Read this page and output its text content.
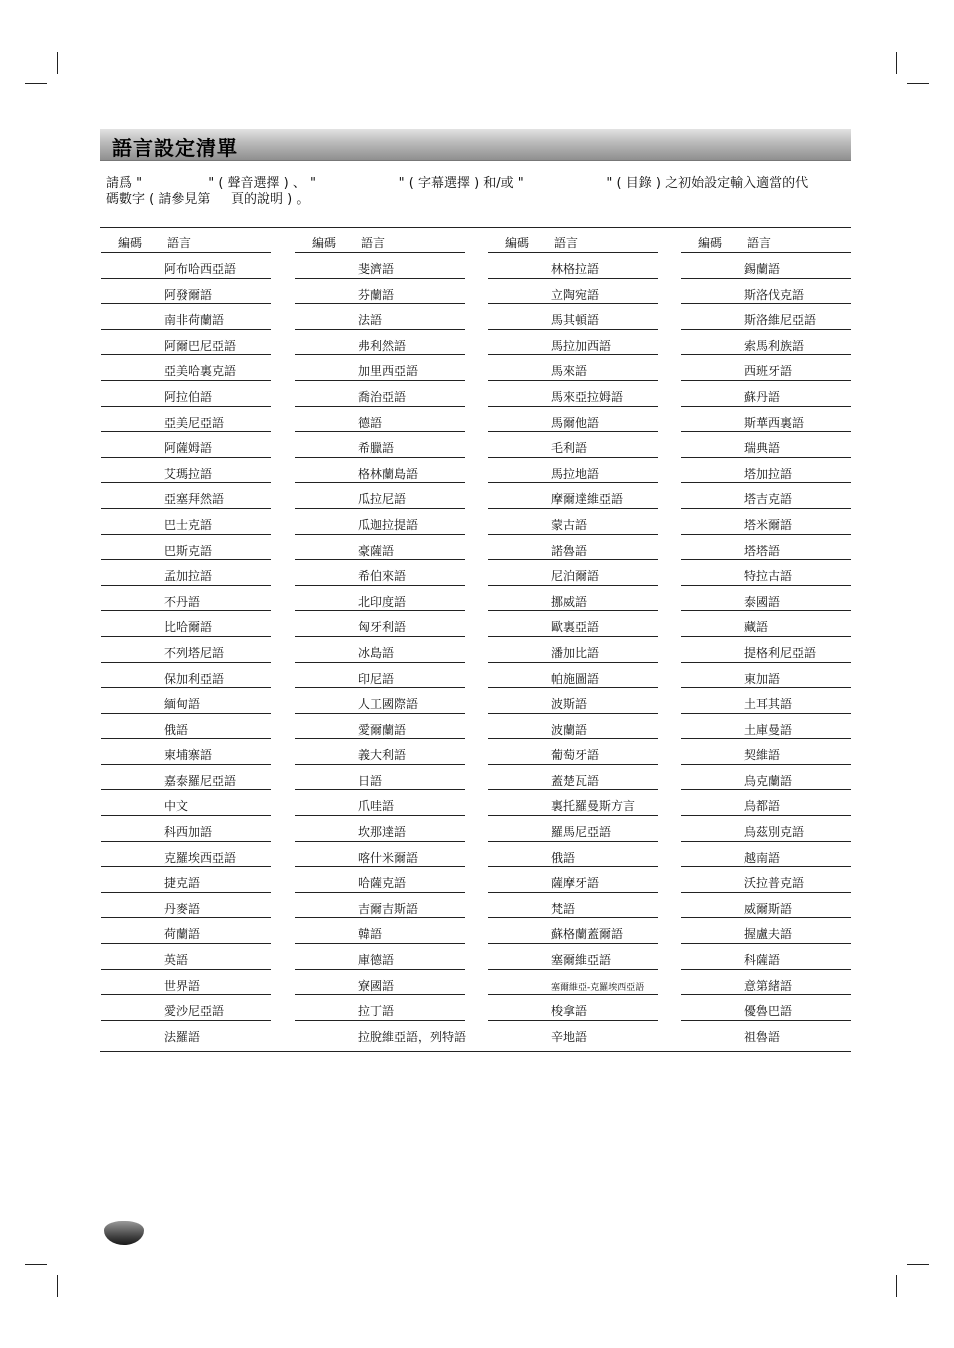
語言設定清單
請爲 "                " ( 聲音選擇 ) 、 "                    " ( 字幕選擇 ) 和/或 "                    " ( 目錄 ) 之初始設定輸入適當的代
碼數字 ( 請參見第     頁的說明 ) 。
編碼 語言
阿布哈西亞語
阿發爾語
南非荷蘭語
阿爾巴尼亞語
亞美哈裏克語
阿拉伯語
亞美尼亞語
阿薩姆語
艾瑪拉語
亞塞拜然語
巴士克語
巴斯克語
孟加拉語
不丹語
比哈爾語
不列塔尼語
保加利亞語
緬甸語
俄語
柬埔寨語
嘉泰羅尼亞語
中文
科西加語
克羅埃西亞語
捷克語
丹麥語
荷蘭語
英語
世界語
愛沙尼亞語
法羅語
編碼 語言
斐濟語
芬蘭語
法語
弗利然語
加里西亞語
喬治亞語
德語
希臘語
格林蘭島語
瓜拉尼語
瓜迦拉提語
豪薩語
希伯來語
北印度語
匈牙利語
冰島語
印尼語
人工國際語
愛爾蘭語
義大利語
日語
爪哇語
坎那達語
喀什米爾語
哈薩克語
吉爾吉斯語
韓語
庫德語
寮國語
拉丁語
拉脫維亞語，列特語
編碼 語言
林格拉語
立陶宛語
馬其頓語
馬拉加西語
馬來語
馬來亞拉姆語
馬爾他語
毛利語
馬拉地語
摩爾達維亞語
蒙古語
諾魯語
尼泊爾語
挪威語
歐裏亞語
潘加比語
帕施圖語
波斯語
波蘭語
葡萄牙語
蓋楚瓦語
裏托羅曼斯方言
羅馬尼亞語
俄語
薩摩牙語
梵語
蘇格蘭蓋爾語
塞爾維亞語
塞爾維亞-克羅埃西亞語
梭拿語
辛地語
編碼 語言
錫蘭語
斯洛伐克語
斯洛維尼亞語
索馬利族語
西班牙語
蘇丹語
斯華西裏語
瑞典語
塔加拉語
塔吉克語
塔米爾語
塔塔語
特拉古語
泰國語
藏語
提格利尼亞語
東加語
土耳其語
土庫曼語
契維語
烏克蘭語
烏都語
烏茲別克語
越南語
沃拉普克語
威爾斯語
握盧夫語
科薩語
意第緒語
優魯巴語
祖魯語
